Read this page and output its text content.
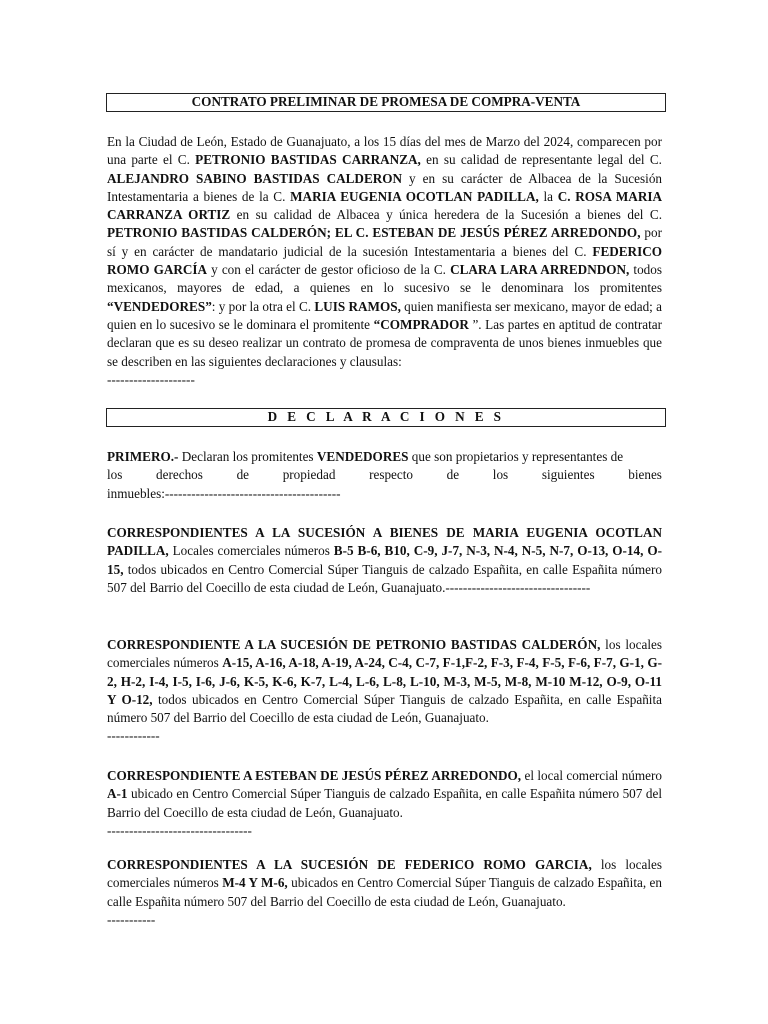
CONTRATO PRELIMINAR DE PROMESA DE COMPRA-VENTA
En la Ciudad de León, Estado de Guanajuato, a los 15 días del mes de Marzo del 2024, comparecen por una parte el C. PETRONIO BASTIDAS CARRANZA, en su calidad de representante legal del C. ALEJANDRO SABINO BASTIDAS CALDERON y en su carácter de Albacea de la Sucesión Intestamentaria a bienes de la C. MARIA EUGENIA OCOTLAN PADILLA, la C. ROSA MARIA CARRANZA ORTIZ en su calidad de Albacea y única heredera de la Sucesión a bienes del C. PETRONIO BASTIDAS CALDERÓN; EL C. ESTEBAN DE JESÚS PÉREZ ARREDONDO, por sí y en carácter de mandatario judicial de la sucesión Intestamentaria a bienes del C. FEDERICO ROMO GARCÍA y con el carácter de gestor oficioso de la C. CLARA LARA ARREDNDON, todos mexicanos, mayores de edad, a quienes en lo sucesivo se le denominara los promitentes “VENDEDORES”: y por la otra el C. LUIS RAMOS, quien manifiesta ser mexicano, mayor de edad; a quien en lo sucesivo se le dominara el promitente “COMPRADOR ”. Las partes en aptitud de contratar declaran que es su deseo realizar un contrato de promesa de compraventa de unos bienes inmuebles que se describen en las siguientes declaraciones y clausulas:
--------------------
D E C L A R A C I O N E S
PRIMERO.- Declaran los promitentes VENDEDORES que son propietarios y representantes de
los	derechos	de	propiedad	respecto	de	los	siguientes	bienes
inmuebles:----------------------------------------
CORRESPONDIENTES A LA SUCESIÓN A BIENES DE MARIA EUGENIA OCOTLAN PADILLA, Locales comerciales números B-5 B-6, B10, C-9, J-7, N-3, N-4, N-5, N-7, O-13, O-14, O-15, todos ubicados en Centro Comercial Súper Tianguis de calzado Españita, en calle Españita número 507 del Barrio del Coecillo de esta ciudad de León, Guanajuato.---------------------------------
CORRESPONDIENTE A LA SUCESIÓN DE PETRONIO BASTIDAS CALDERÓN, los locales comerciales números A-15, A-16, A-18, A-19, A-24, C-4, C-7, F-1,F-2, F-3, F-4, F-5, F-6, F-7, G-1, G-2, H-2, I-4, I-5, I-6, J-6, K-5, K-6, K-7, L-4, L-6, L-8, L-10, M-3, M-5, M-8, M-10 M-12, O-9, O-11 Y O-12, todos ubicados en Centro Comercial Súper Tianguis de calzado Españita, en calle Españita número 507 del Barrio del Coecillo de esta ciudad de León, Guanajuato.
------------
CORRESPONDIENTE A ESTEBAN DE JESÚS PÉREZ ARREDONDO, el local comercial número A-1 ubicado en Centro Comercial Súper Tianguis de calzado Españita, en calle Españita número 507 del Barrio del Coecillo de esta ciudad de León, Guanajuato.
---------------------------------
CORRESPONDIENTES A LA SUCESIÓN DE FEDERICO ROMO GARCIA, los locales comerciales números M-4 Y M-6, ubicados en Centro Comercial Súper Tianguis de calzado Españita, en calle Españita número 507 del Barrio del Coecillo de esta ciudad de León, Guanajuato.
-----------
